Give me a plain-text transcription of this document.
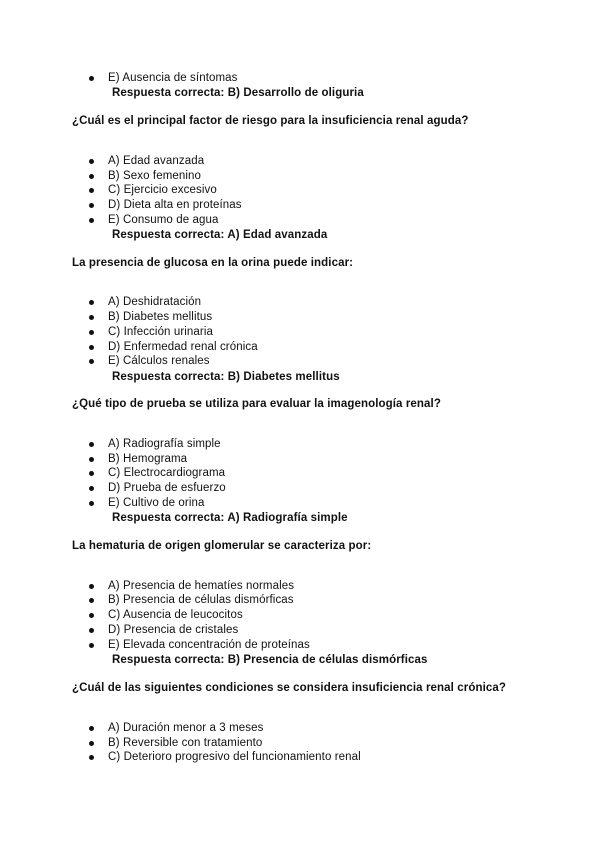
E) Ausencia de síntomas
Respuesta correcta: B) Desarrollo de oliguria
¿Cuál es el principal factor de riesgo para la insuficiencia renal aguda?
A) Edad avanzada
B) Sexo femenino
C) Ejercicio excesivo
D) Dieta alta en proteínas
E) Consumo de agua
Respuesta correcta: A) Edad avanzada
La presencia de glucosa en la orina puede indicar:
A) Deshidratación
B) Diabetes mellitus
C) Infección urinaria
D) Enfermedad renal crónica
E) Cálculos renales
Respuesta correcta: B) Diabetes mellitus
¿Qué tipo de prueba se utiliza para evaluar la imagenología renal?
A) Radiografía simple
B) Hemograma
C) Electrocardiograma
D) Prueba de esfuerzo
E) Cultivo de orina
Respuesta correcta: A) Radiografía simple
La hematuria de origen glomerular se caracteriza por:
A) Presencia de hematíes normales
B) Presencia de células dismórficas
C) Ausencia de leucocitos
D) Presencia de cristales
E) Elevada concentración de proteínas
Respuesta correcta: B) Presencia de células dismórficas
¿Cuál de las siguientes condiciones se considera insuficiencia renal crónica?
A) Duración menor a 3 meses
B) Reversible con tratamiento
C) Deterioro progresivo del funcionamiento renal
